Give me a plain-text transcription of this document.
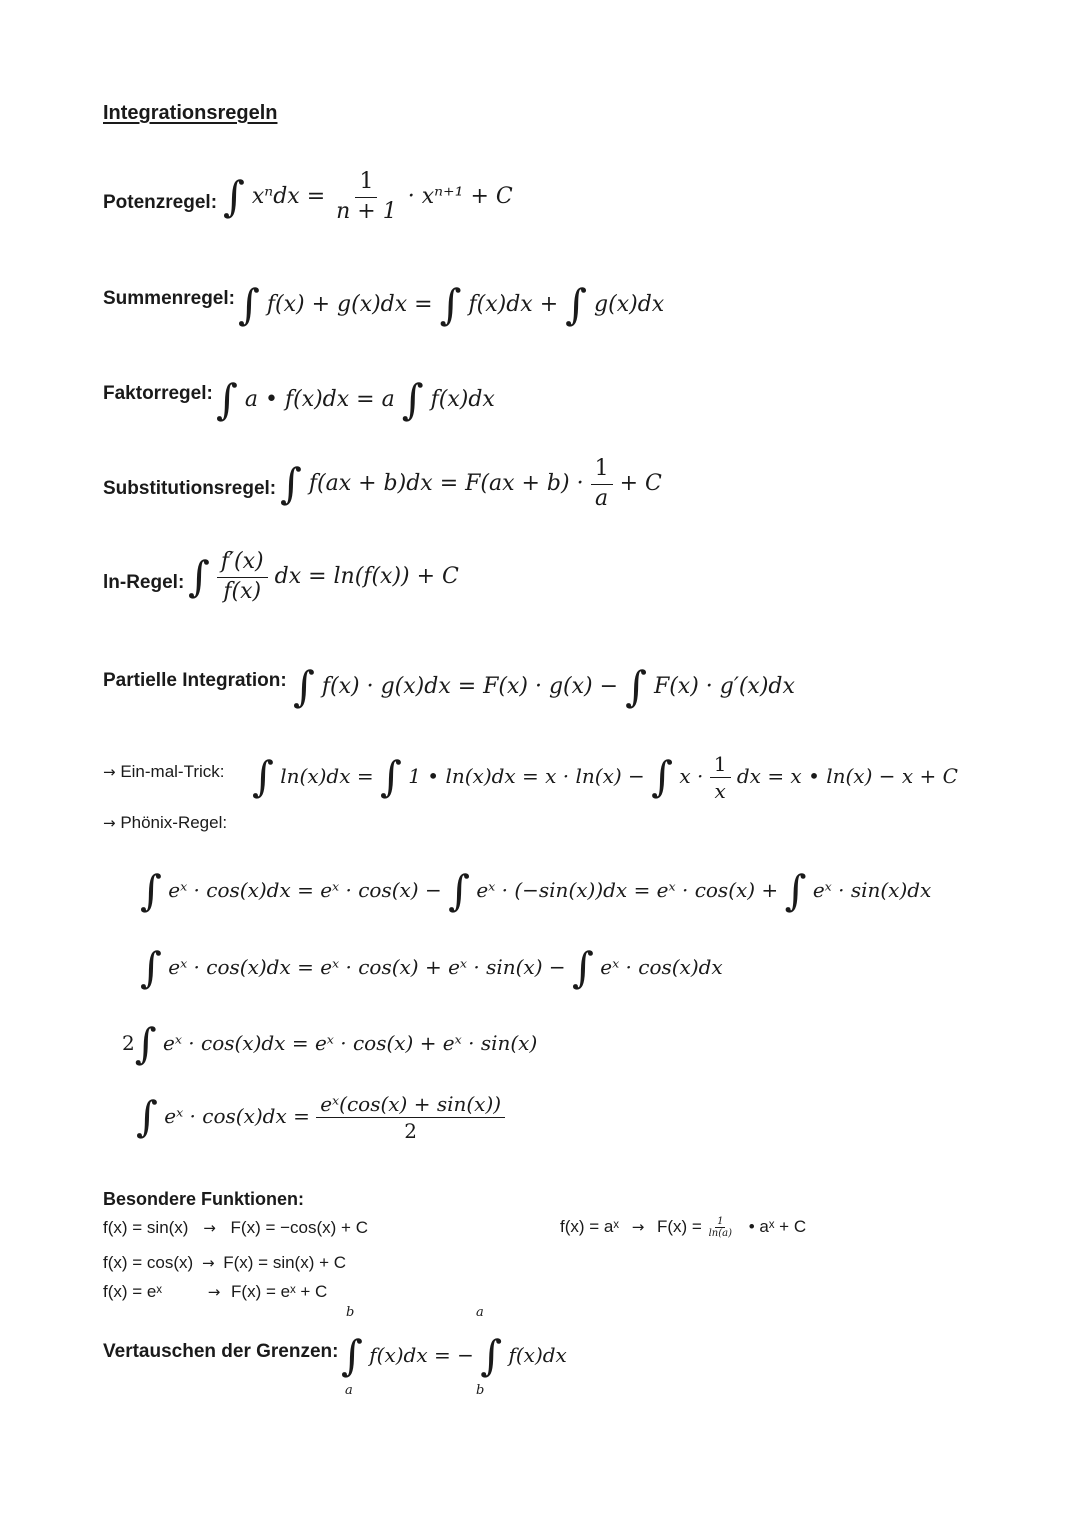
Integrationsregeln
Potenzregel: ∫ $x^ndx = \frac{1}{n + 1} \cdot x^{n+1} + C$
Summenregel: ∫ f(x) + g(x)dx = ∫ f(x)dx + ∫ g(x)dx
Faktorregel: ∫ a • f(x)dx = a ∫ f(x)dx
Substitutionsregel: ∫ $f(ax + b)dx = F(ax + b) \cdot \frac{1}{a} + C$
ln-Regel: ∫ $\frac{f'(x)}{f(x)}$ dx = ln(f(x)) + C
Partielle Integration: ∫ f(x) · g(x)dx = F(x) · g(x) − ∫ F(x) · g′(x)dx
→ Ein-mal-Trick: ∫ ln(x)dx = ∫ 1 • ln(x)dx = x · ln(x) − ∫ $x \cdot \frac{1}{x}$ dx = x • ln(x) − x + C
→ Phönix-Regel:
∫ eˣ · cos(x)dx = eˣ · cos(x) − ∫ eˣ · (−sin(x))dx = eˣ · cos(x) + ∫ eˣ · sin(x)dx
∫ eˣ · cos(x)dx = eˣ · cos(x) + eˣ · sin(x) − ∫ eˣ · cos(x)dx
2∫ eˣ · cos(x)dx = eˣ · cos(x) + eˣ · sin(x)
∫ eˣ · $\cos(x)dx = \frac{\text{eˣ(cos(x) + sin(x))}}{2}$
Besondere Funktionen:
f(x) = sin(x) → F(x) = −cos(x) + C
f(x) = cos(x) → F(x) = sin(x) + C
f(x) = eˣ	→ F(x) = eˣ + C
f(x) = aˣ → $F(x) = \frac{1}{\ln(a)}$ • aˣ + C
Vertauschen der Grenzen:
b
a
a
b
∫ f(x)dx = − ∫ f(x)dx
